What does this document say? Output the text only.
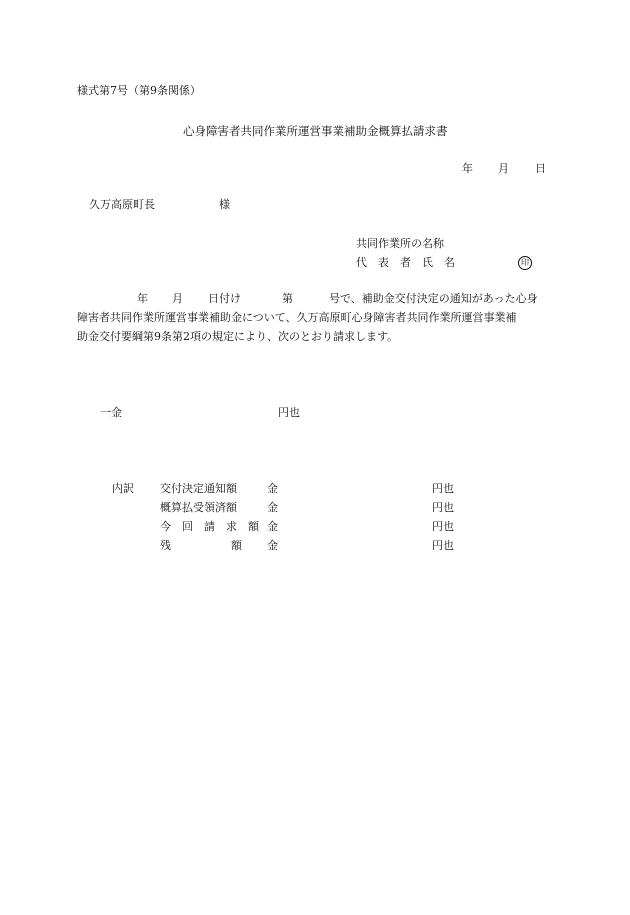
様式第7号（第9条関係）
心身障害者共同作業所運営事業補助金概算払請求書
年 月 日
久万高原町長	様
共同作業所の名称
代　表　者　氏　名	印
年 月 日付け	第	号で、補助金交付決定の通知があった心身
障害者共同作業所運営事業補助金について、久万高原町心身障害者共同作業所運営事業補
助金交付要綱第9条第2項の規定により、次のとおり請求します。
一金	円也
内訳 交付決定通知額	金	円也
概算払受領済額	金	円也
今　回　請　求　額 金	円也
残	額 金	円也
